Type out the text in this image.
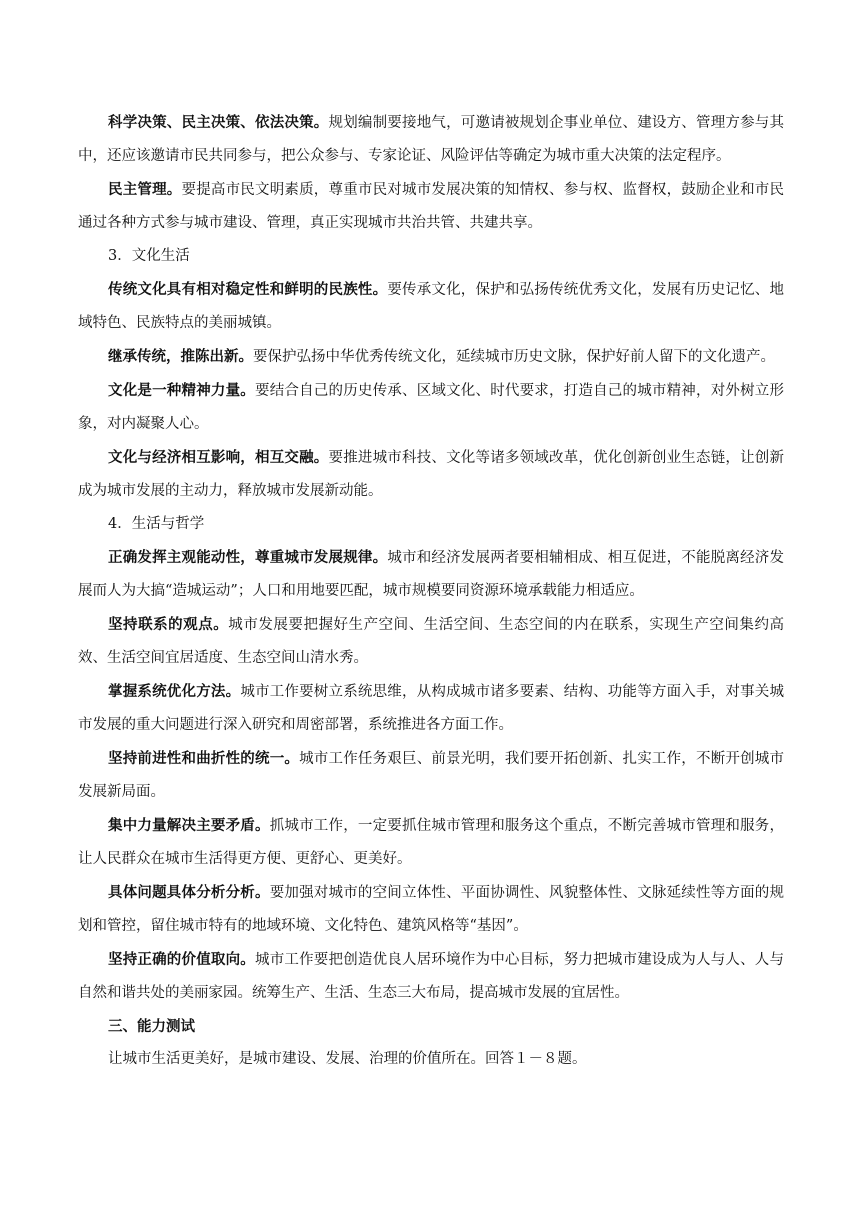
科学决策、民主决策、依法决策。规划编制要接地气，可邀请被规划企事业单位、建设方、管理方参与其中，还应该邀请市民共同参与，把公众参与、专家论证、风险评估等确定为城市重大决策的法定程序。

民主管理。要提高市民文明素质，尊重市民对城市发展决策的知情权、参与权、监督权，鼓励企业和市民通过各种方式参与城市建设、管理，真正实现城市共治共管、共建共享。

3．文化生活

传统文化具有相对稳定性和鲜明的民族性。要传承文化，保护和弘扬传统优秀文化，发展有历史记忆、地域特色、民族特点的美丽城镇。

继承传统，推陈出新。要保护弘扬中华优秀传统文化，延续城市历史文脉，保护好前人留下的文化遗产。

文化是一种精神力量。要结合自己的历史传承、区域文化、时代要求，打造自己的城市精神，对外树立形象，对内凝聚人心。

文化与经济相互影响，相互交融。要推进城市科技、文化等诸多领域改革，优化创新创业生态链，让创新成为城市发展的主动力，释放城市发展新动能。

4．生活与哲学

正确发挥主观能动性，尊重城市发展规律。城市和经济发展两者要相辅相成、相互促进，不能脱离经济发展而人为大搞“造城运动”；人口和用地要匹配，城市规模要同资源环境承载能力相适应。

坚持联系的观点。城市发展要把握好生产空间、生活空间、生态空间的内在联系，实现生产空间集约高效、生活空间宜居适度、生态空间山清水秀。

掌握系统优化方法。城市工作要树立系统思维，从构成城市诸多要素、结构、功能等方面入手，对事关城市发展的重大问题进行深入研究和周密部署，系统推进各方面工作。

坚持前进性和曲折性的统一。城市工作任务艰巨、前景光明，我们要开拓创新、扎实工作，不断开创城市发展新局面。

集中力量解决主要矛盾。抓城市工作，一定要抓住城市管理和服务这个重点，不断完善城市管理和服务，让人民群众在城市生活得更方便、更舒心、更美好。

具体问题具体分析分析。要加强对城市的空间立体性、平面协调性、风貌整体性、文脉延续性等方面的规划和管控，留住城市特有的地域环境、文化特色、建筑风格等“基因”。

坚持正确的价值取向。城市工作要把创造优良人居环境作为中心目标，努力把城市建设成为人与人、人与自然和谐共处的美丽家园。统筹生产、生活、生态三大布局，提高城市发展的宜居性。

三、能力测试

让城市生活更美好，是城市建设、发展、治理的价值所在。回答１－８题。
